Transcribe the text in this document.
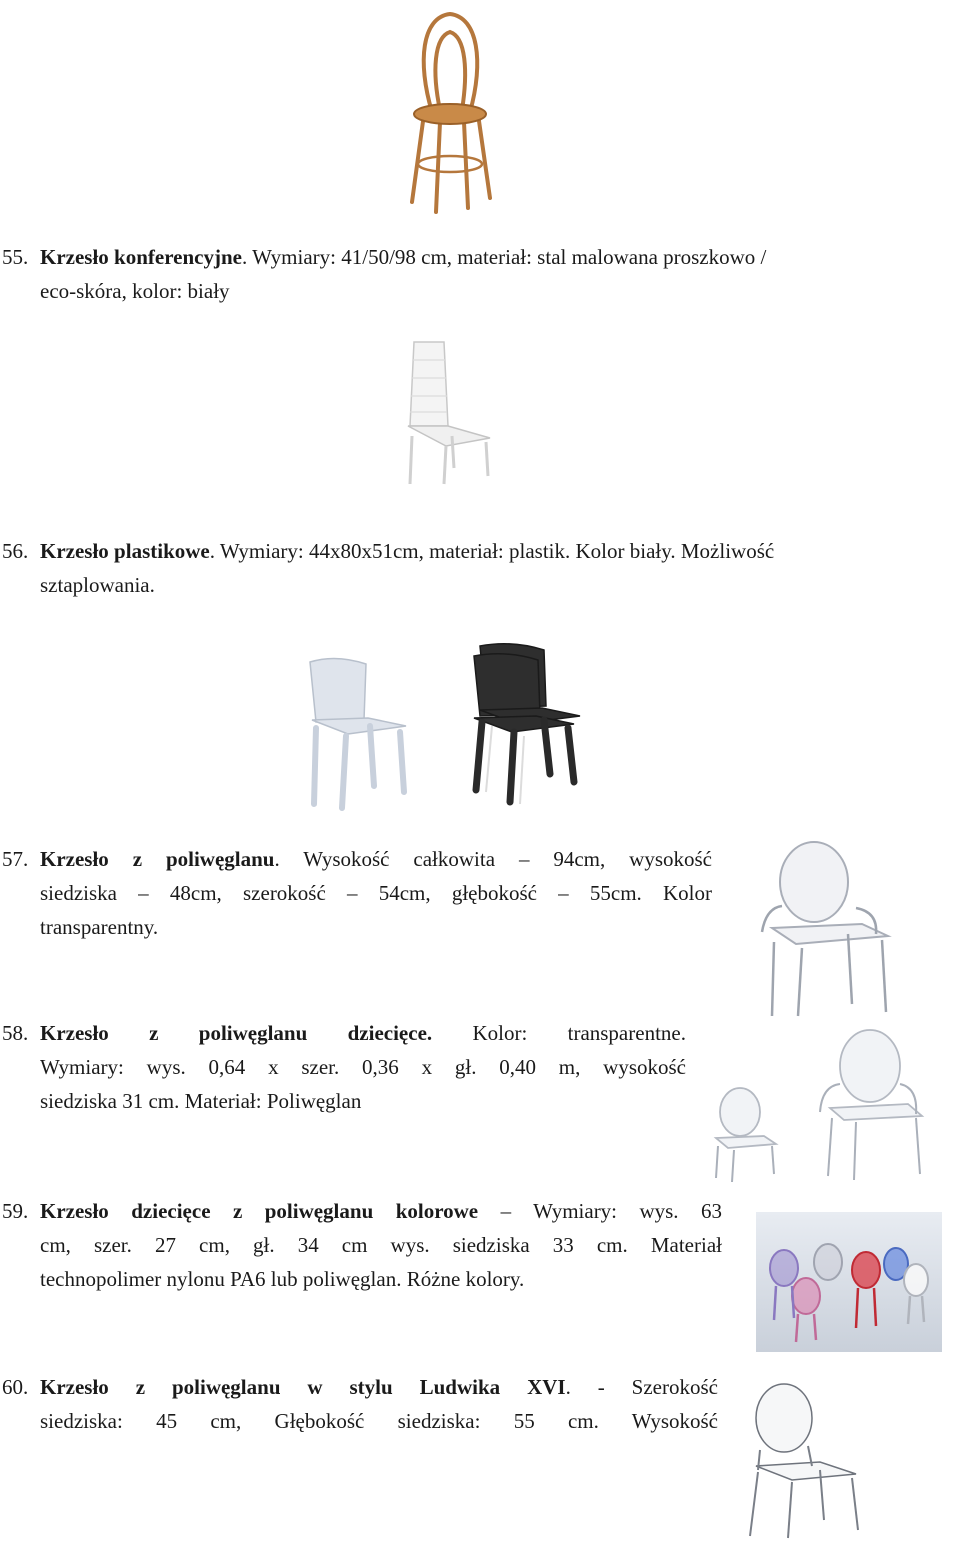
55. Krzesło konferencyjne. Wymiary: 41/50/98 cm, materiał: stal malowana proszkowo /
eco-skóra, kolor: biały
56. Krzesło plastikowe. Wymiary: 44x80x51cm, materiał: plastik. Kolor biały. Możliwość
sztaplowania.
57. Krzesło z poliwęglanu. Wysokość całkowita – 94cm, wysokość
siedziska – 48cm, szerokość – 54cm, głębokość – 55cm. Kolor
transparentny.
58. Krzesło z poliwęglanu dziecięce. Kolor: transparentne.
Wymiary: wys. 0,64 x szer. 0,36 x gł. 0,40 m, wysokość
siedziska 31 cm. Materiał: Poliwęglan
59. Krzesło dziecięce z poliwęglanu kolorowe – Wymiary: wys. 63
cm, szer. 27 cm, gł. 34 cm wys. siedziska 33 cm. Materiał
technopolimer nylonu PA6 lub poliwęglan. Różne kolory.
60. Krzesło z poliwęglanu w stylu Ludwika XVI. - Szerokość
siedziska: 45 cm, Głębokość siedziska: 55 cm. Wysokość
